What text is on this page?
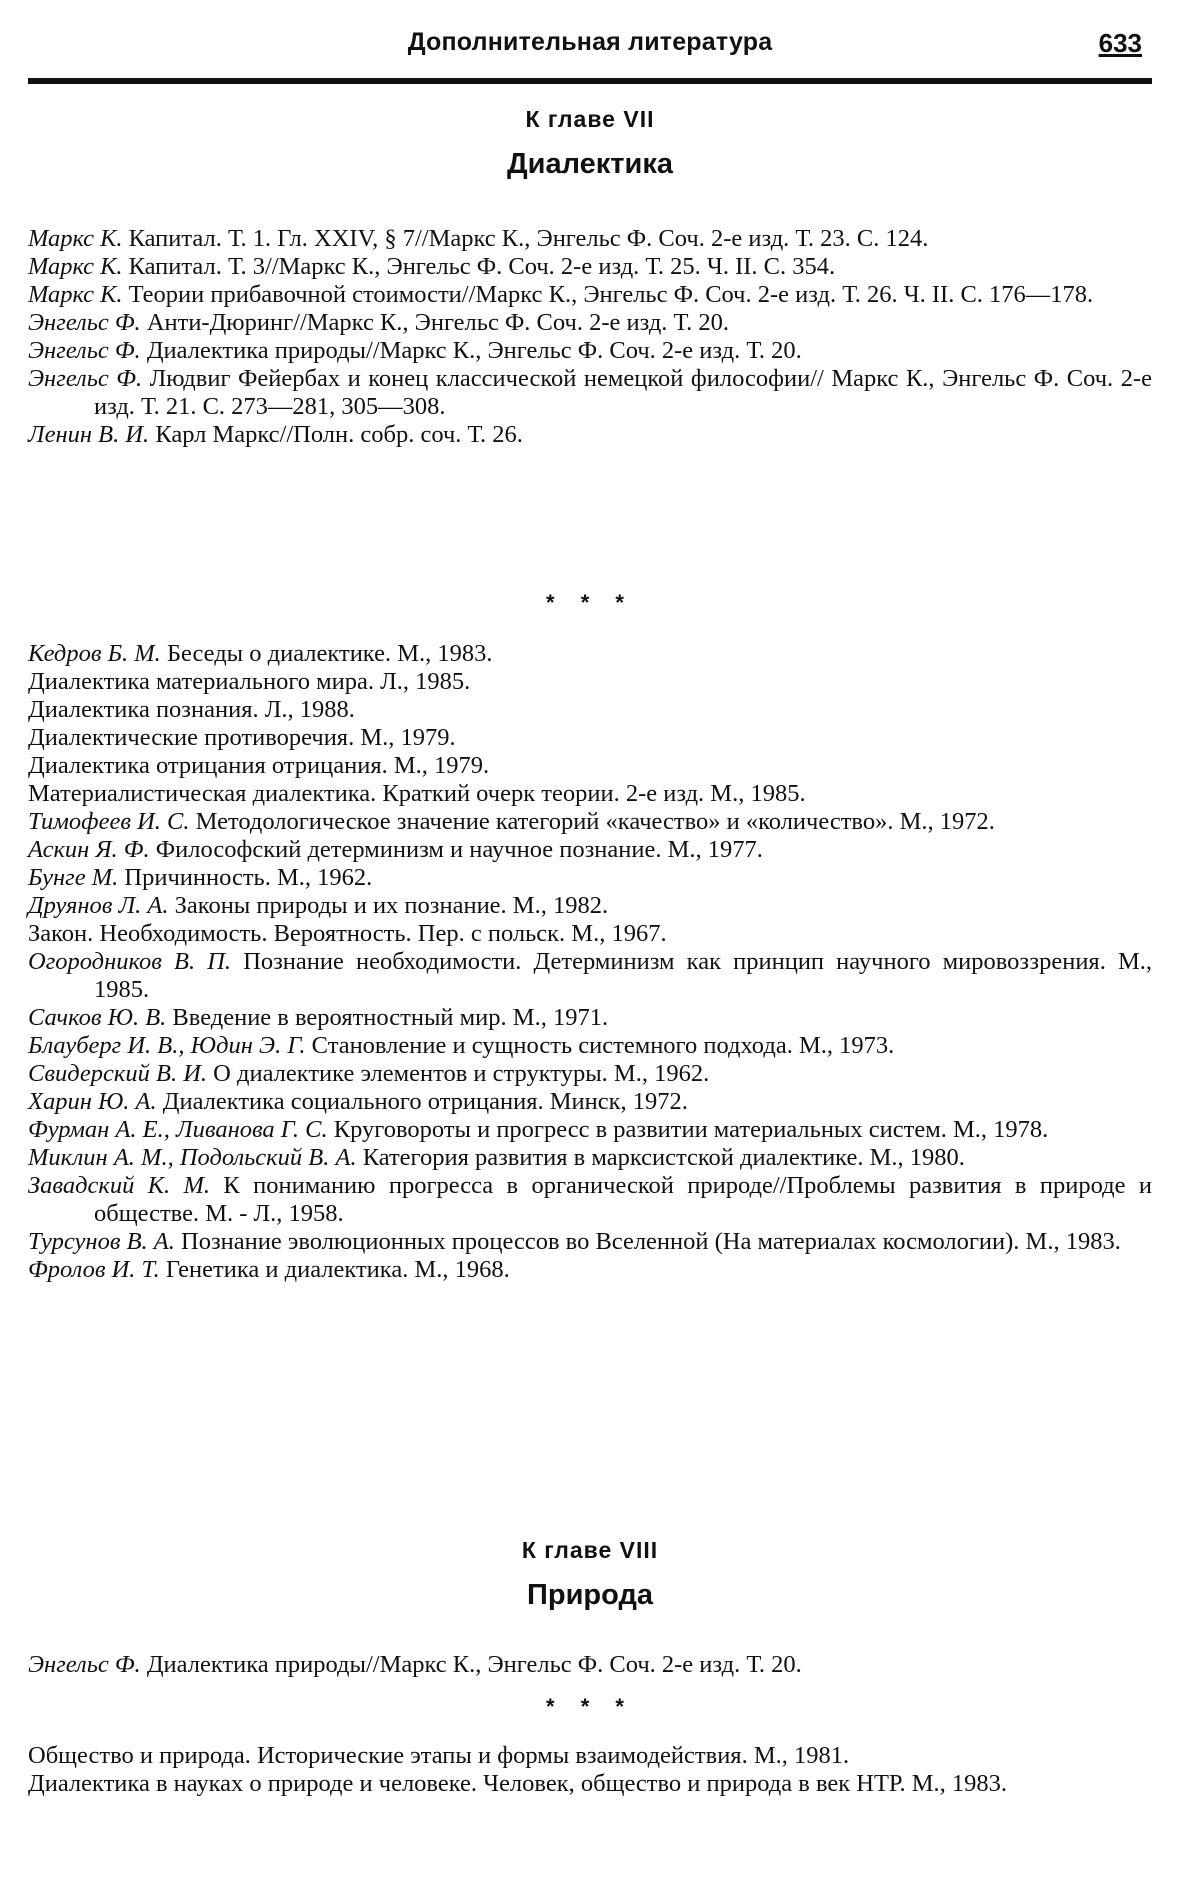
Дополнительная литература	633
К главе VII
Диалектика
Маркс К. Капитал. Т. 1. Гл. XXIV, § 7//Маркс К., Энгельс Ф. Соч. 2-е изд. Т. 23. С. 124.
Маркс К. Капитал. Т. 3//Маркс К., Энгельс Ф. Соч. 2-е изд. Т. 25. Ч. II. С. 354.
Маркс К. Теории прибавочной стоимости//Маркс К., Энгельс Ф. Соч. 2-е изд. Т. 26. Ч. II. С. 176—178.
Энгельс Ф. Анти-Дюринг//Маркс К., Энгельс Ф. Соч. 2-е изд. Т. 20.
Энгельс Ф. Диалектика природы//Маркс К., Энгельс Ф. Соч. 2-е изд. Т. 20.
Энгельс Ф. Людвиг Фейербах и конец классической немецкой философии// Маркс К., Энгельс Ф. Соч. 2-е изд. Т. 21. С. 273—281, 305—308.
Ленин В. И. Карл Маркс//Полн. собр. соч. Т. 26.
* * *
Кедров Б. М. Беседы о диалектике. М., 1983.
Диалектика материального мира. Л., 1985.
Диалектика познания. Л., 1988.
Диалектические противоречия. М., 1979.
Диалектика отрицания отрицания. М., 1979.
Материалистическая диалектика. Краткий очерк теории. 2-е изд. М., 1985.
Тимофеев И. С. Методологическое значение категорий «качество» и «количество». М., 1972.
Аскин Я. Ф. Философский детерминизм и научное познание. М., 1977.
Бунге М. Причинность. М., 1962.
Друянов Л. А. Законы природы и их познание. М., 1982.
Закон. Необходимость. Вероятность. Пер. с польск. М., 1967.
Огородников В. П. Познание необходимости. Детерминизм как принцип научного мировоззрения. М., 1985.
Сачков Ю. В. Введение в вероятностный мир. М., 1971.
Блауберг И. В., Юдин Э. Г. Становление и сущность системного подхода. М., 1973.
Свидерский В. И. О диалектике элементов и структуры. М., 1962.
Харин Ю. А. Диалектика социального отрицания. Минск, 1972.
Фурман А. Е., Ливанова Г. С. Круговороты и прогресс в развитии материальных систем. М., 1978.
Миклин А. М., Подольский В. А. Категория развития в марксистской диалектике. М., 1980.
Завадский К. М. К пониманию прогресса в органической природе//Проблемы развития в природе и обществе. М. - Л., 1958.
Турсунов В. А. Познание эволюционных процессов во Вселенной (На материалах космологии). М., 1983.
Фролов И. Т. Генетика и диалектика. М., 1968.
К главе VIII
Природа
Энгельс Ф. Диалектика природы//Маркс К., Энгельс Ф. Соч. 2-е изд. Т. 20.
* * *
Общество и природа. Исторические этапы и формы взаимодействия. М., 1981.
Диалектика в науках о природе и человеке. Человек, общество и природа в век НТР. М., 1983.
